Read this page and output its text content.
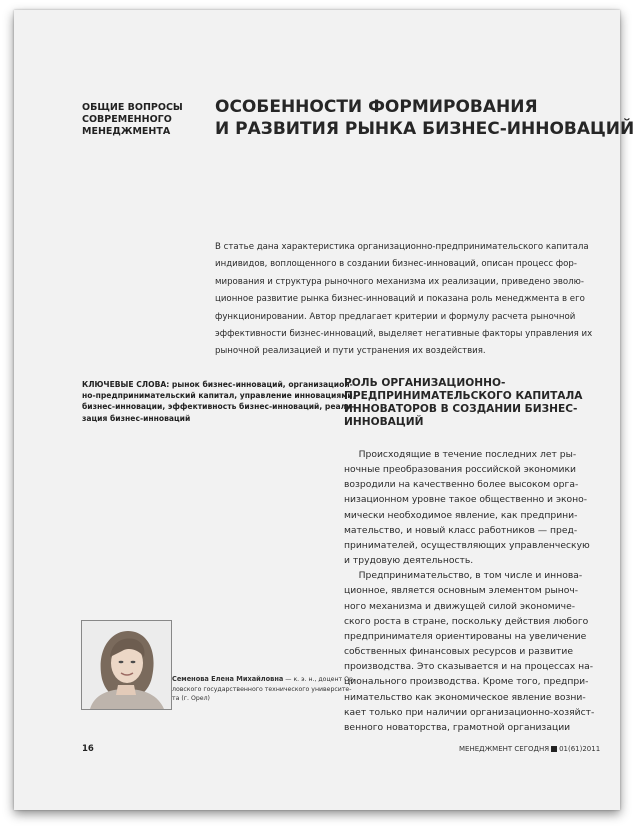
ОБЩИЕ ВОПРОСЫ
СОВРЕМЕННОГО
МЕНЕДЖМЕНТА
ОСОБЕННОСТИ ФОРМИРОВАНИЯ
И РАЗВИТИЯ РЫНКА БИЗНЕС-ИННОВАЦИЙ
В статье дана характеристика организационно-предпринимательского капитала
индивидов, воплощенного в создании бизнес-инноваций, описан процесс фор-
мирования и структура рыночного механизма их реализации, приведено эволю-
ционное развитие рынка бизнес-инноваций и показана роль менеджмента в его
функционировании. Автор предлагает критерии и формулу расчета рыночной
эффективности бизнес-инноваций, выделяет негативные факторы управления их
рыночной реализацией и пути устранения их воздействия.
КЛЮЧЕВЫЕ СЛОВА: рынок бизнес-инноваций, организацион-
но-предпринимательский капитал, управление инновациями,
бизнес-инновации, эффективность бизнес-инноваций, реали-
зация бизнес-инноваций
РОЛЬ ОРГАНИЗАЦИОННО-
ПРЕДПРИНИМАТЕЛЬСКОГО КАПИТАЛА
ИННОВАТОРОВ В СОЗДАНИИ БИЗНЕС-
ИННОВАЦИЙ
Происходящие в течение последних лет ры-
ночные преобразования российской экономики
возродили на качественно более высоком орга-
низационном уровне такое общественно и эконо-
мически необходимое явление, как предприни-
мательство, и новый класс работников — пред-
принимателей, осуществляющих управленческую
и трудовую деятельность.
Предпринимательство, в том числе и иннова-
ционное, является основным элементом рыноч-
ного механизма и движущей силой экономиче-
ского роста в стране, поскольку действия любого
предпринимателя ориентированы на увеличение
собственных финансовых ресурсов и развитие
производства. Это сказывается и на процессах на-
ционального производства. Кроме того, предпри-
нимательство как экономическое явление возни-
кает только при наличии организационно-хозяйст-
венного новаторства, грамотной организации
Семенова Елена Михайловна — к. э. н., доцент Ор-
ловского государственного технического университе-
та (г. Орел)
16	МЕНЕДЖМЕНТ СЕГОДНЯ 01(61)2011
